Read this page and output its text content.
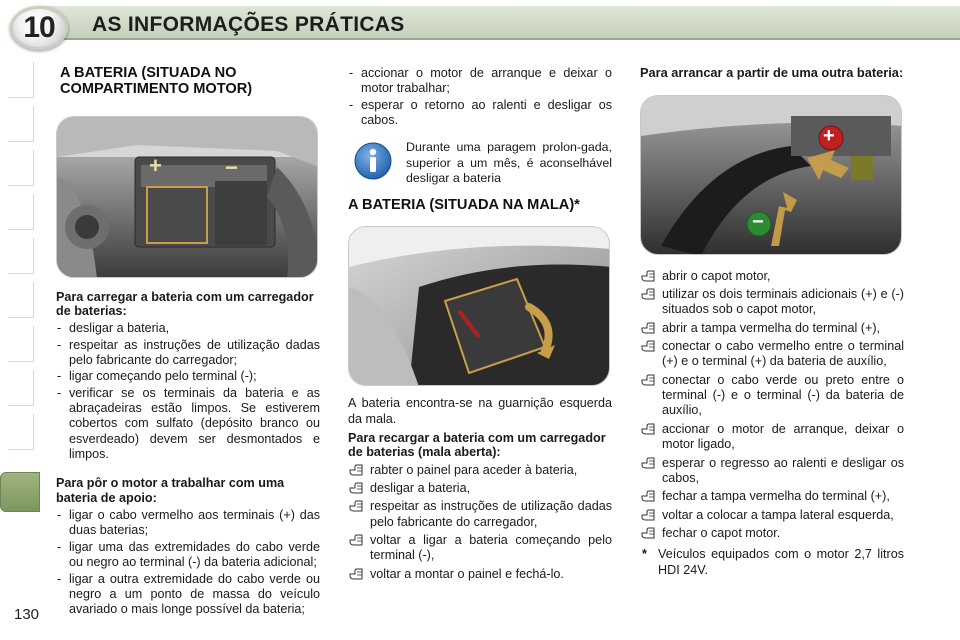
10	AS INFORMAÇÕES PRÁTICAS
130
A BATERIA (SITUADA NO COMPARTIMENTO MOTOR)
+	−
Para carregar a bateria com um carregador de baterias:
- desligar a bateria,
- respeitar as instruções de utilização dadas pelo fabricante do carregador;
- ligar começando pelo terminal (-);
- verificar se os terminais da bateria e as abraçadeiras estão limpos. Se estiverem cobertos com sulfato (depósito branco ou esverdeado) devem ser desmontados e limpos.
Para pôr o motor a trabalhar com uma bateria de apoio:
- ligar o cabo vermelho aos terminais (+) das duas baterias;
- ligar uma das extremidades do cabo verde ou negro ao terminal (-) da bateria adicional;
- ligar a outra extremidade do cabo verde ou negro a um ponto de massa do veículo avariado o mais longe possível da bateria;
- accionar o motor de arranque e deixar o motor trabalhar;
- esperar o retorno ao ralenti e desligar os cabos.
Durante uma paragem prolon-gada, superior a um mês, é aconselhável desligar a bateria
A BATERIA (SITUADA NA MALA)*

A bateria encontra-se na guarnição esquerda da mala.

Para recargar a bateria com um carregador de baterias (mala aberta):
rabter o painel para aceder à bateria,
desligar a bateria,
respeitar as instruções de utilização dadas pelo fabricante do carregador,
voltar a ligar a bateria começando pelo terminal (-),
voltar a montar o painel e fechá-lo.
Para arrancar a partir de uma outra bateria:
+
−
abrir o capot motor,
utilizar os dois terminais adicionais (+) e (-) situados sob o capot motor,
abrir a tampa vermelha do terminal (+),
conectar o cabo vermelho entre o terminal (+) e o terminal (+) da bateria de auxílio,
conectar o cabo verde ou preto entre o terminal (-) e o terminal (-) da bateria de auxílio,
accionar o motor de arranque, deixar o motor ligado,
esperar o regresso ao ralenti e desligar os cabos,
fechar a tampa vermelha do terminal (+),
voltar a colocar a tampa lateral esquerda,
fechar o capot motor.
* Veículos equipados com o motor 2,7 litros HDI 24V.
